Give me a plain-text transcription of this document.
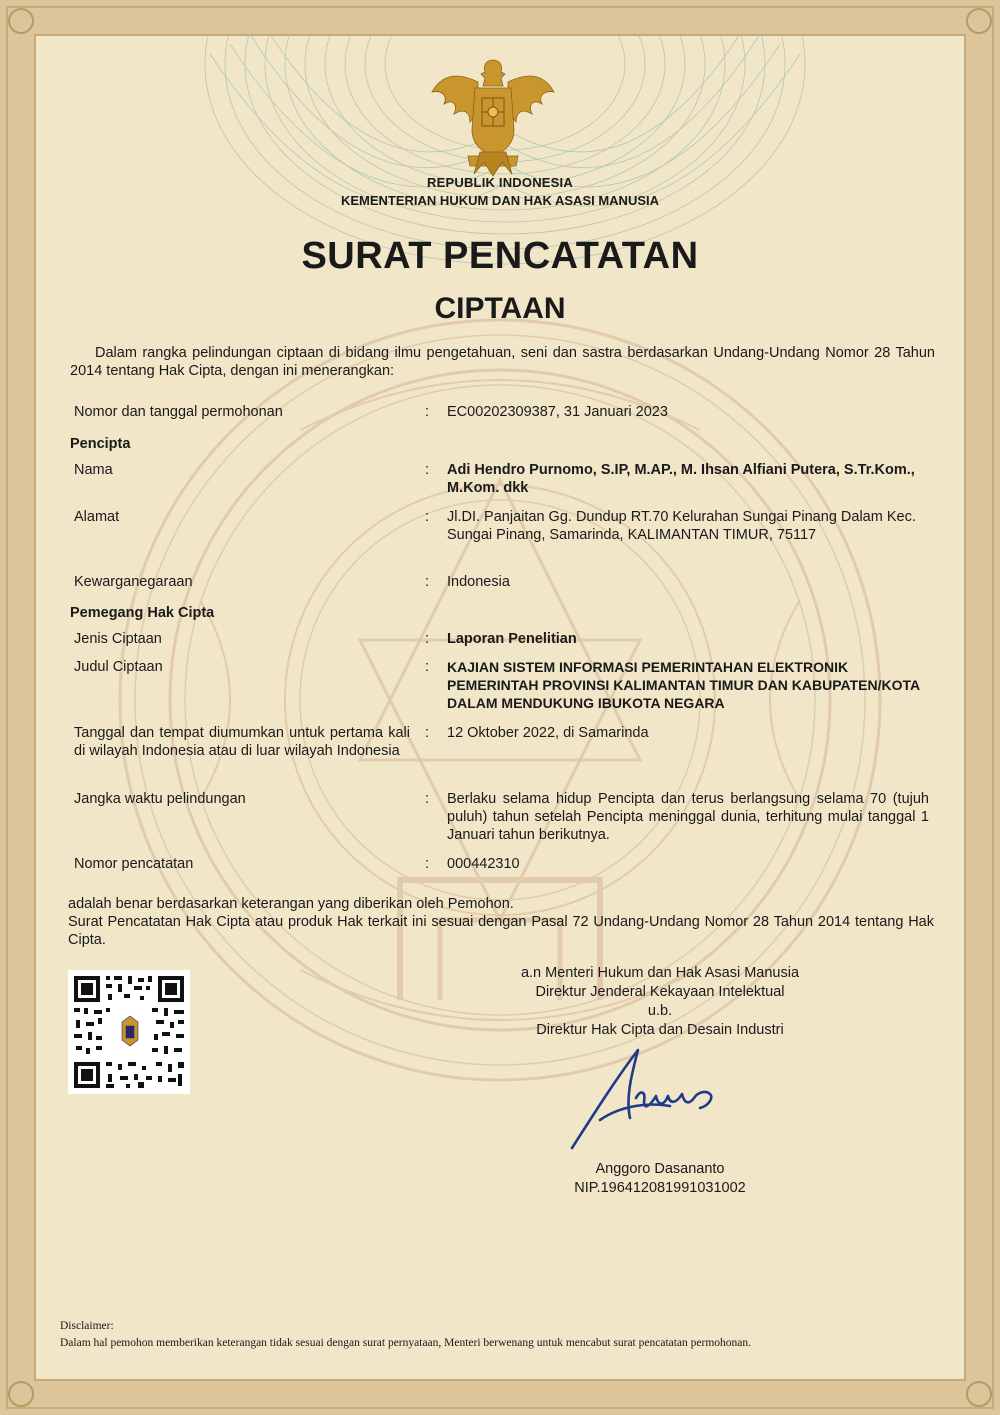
REPUBLIK INDONESIA
KEMENTERIAN HUKUM DAN HAK ASASI MANUSIA
SURAT PENCATATAN
CIPTAAN
Dalam rangka pelindungan ciptaan di bidang ilmu pengetahuan, seni dan sastra berdasarkan Undang-Undang Nomor 28 Tahun 2014 tentang Hak Cipta, dengan ini menerangkan:
Nomor dan tanggal permohonan	: EC00202309387, 31 Januari 2023
Pencipta
Nama	: Adi Hendro Purnomo, S.IP, M.AP., M. Ihsan Alfiani Putera, S.Tr.Kom., M.Kom. dkk
Alamat	: Jl.DI. Panjaitan Gg. Dundup RT.70 Kelurahan Sungai Pinang Dalam Kec. Sungai Pinang, Samarinda, KALIMANTAN TIMUR, 75117
Kewarganegaraan	: Indonesia
Pemegang Hak Cipta
Jenis Ciptaan	: Laporan Penelitian
Judul Ciptaan	: KAJIAN SISTEM INFORMASI PEMERINTAHAN ELEKTRONIK PEMERINTAH PROVINSI KALIMANTAN TIMUR DAN KABUPATEN/KOTA DALAM MENDUKUNG IBUKOTA NEGARA
Tanggal dan tempat diumumkan untuk pertama kali di wilayah Indonesia atau di luar wilayah Indonesia
: 12 Oktober 2022, di Samarinda
Jangka waktu pelindungan	: Berlaku selama hidup Pencipta dan terus berlangsung selama 70 (tujuh puluh) tahun setelah Pencipta meninggal dunia, terhitung mulai tanggal 1 Januari tahun berikutnya.
Nomor pencatatan	: 000442310
adalah benar berdasarkan keterangan yang diberikan oleh Pemohon.
Surat Pencatatan Hak Cipta atau produk Hak terkait ini sesuai dengan Pasal 72 Undang-Undang Nomor 28 Tahun 2014 tentang Hak Cipta.
a.n Menteri Hukum dan Hak Asasi Manusia
Direktur Jenderal Kekayaan Intelektual
u.b.
Direktur Hak Cipta dan Desain Industri
Anggoro Dasananto
NIP.196412081991031002
Disclaimer:
Dalam hal pemohon memberikan keterangan tidak sesuai dengan surat pernyataan, Menteri berwenang untuk mencabut surat pencatatan permohonan.
